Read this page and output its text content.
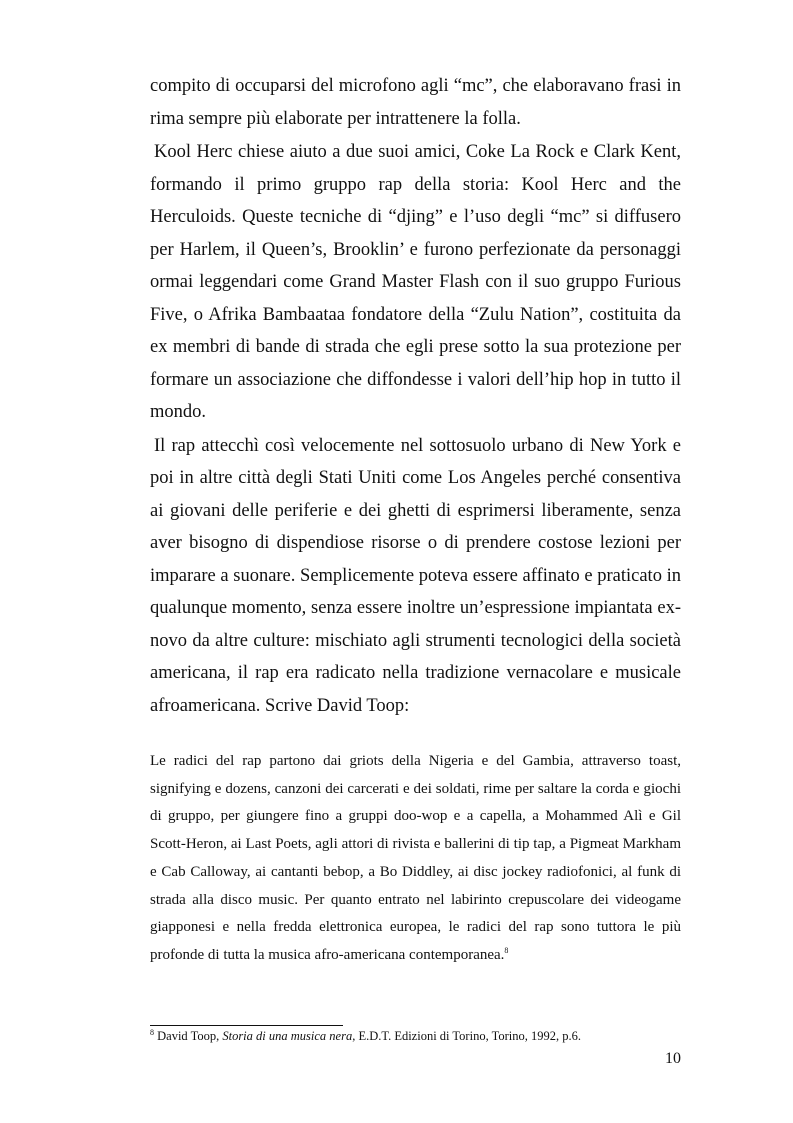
compito di occuparsi del microfono agli “mc”, che elaboravano frasi in rima sempre più elaborate per intrattenere la folla.

Kool Herc chiese aiuto a due suoi amici, Coke La Rock e Clark Kent, formando il primo gruppo rap della storia: Kool Herc and the Herculoids. Queste tecniche di “djing” e l’uso degli “mc” si diffusero per Harlem, il Queen’s, Brooklin’ e furono perfezionate da personaggi ormai leggendari come Grand Master Flash con il suo gruppo Furious Five, o Afrika Bambaataa fondatore della “Zulu Nation”, costituita da ex membri di bande di strada che egli prese sotto la sua protezione per formare un associazione che diffondesse i valori dell’hip hop in tutto il mondo.

Il rap attecchì così velocemente nel sottosuolo urbano di New York e poi in altre città degli Stati Uniti come Los Angeles perché consentiva ai giovani delle periferie e dei ghetti di esprimersi liberamente, senza aver bisogno di dispendiose risorse o di prendere costose lezioni per imparare a suonare. Semplicemente poteva essere affinato e praticato in qualunque momento, senza essere inoltre un’espressione impiantata ex-novo da altre culture: mischiato agli strumenti tecnologici della società americana, il rap era radicato nella tradizione vernacolare e musicale afroamericana. Scrive David Toop:

Le radici del rap partono dai griots della Nigeria e del Gambia, attraverso toast, signifying e dozens, canzoni dei carcerati e dei soldati, rime per saltare la corda e giochi di gruppo, per giungere fino a gruppi doo-wop e a capella, a Mohammed Alì e Gil Scott-Heron, ai Last Poets, agli attori di rivista e ballerini di tip tap, a Pigmeat Markham e Cab Calloway, ai cantanti bebop, a Bo Diddley, ai disc jockey radiofonici, al funk di strada alla disco music. Per quanto entrato nel labirinto crepuscolare dei videogame giapponesi e nella fredda elettronica europea, le radici del rap sono tuttora le più profonde di tutta la musica afro-americana contemporanea.$^8$

$^8$ David Toop, Storia di una musica nera, E.D.T. Edizioni di Torino, Torino, 1992, p.6.

10
